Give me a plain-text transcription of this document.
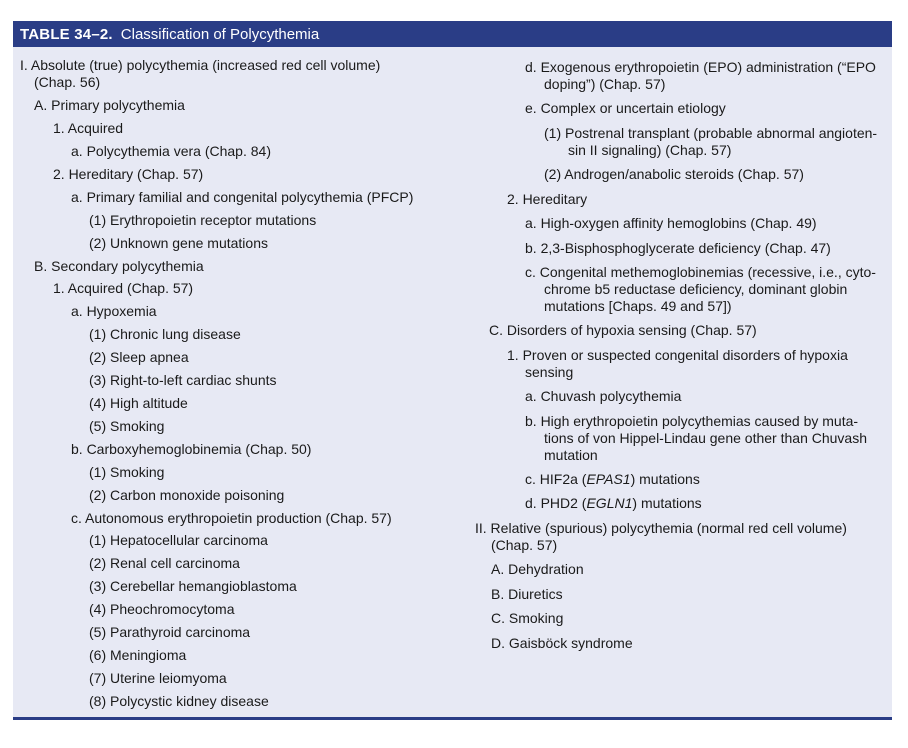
TABLE 34–2. Classification of Polycythemia
I. Absolute (true) polycythemia (increased red cell volume)
(Chap. 56)
A. Primary polycythemia
1. Acquired
a. Polycythemia vera (Chap. 84)
2. Hereditary (Chap. 57)
a. Primary familial and congenital polycythemia (PFCP)
(1) Erythropoietin receptor mutations
(2) Unknown gene mutations
B. Secondary polycythemia
1. Acquired (Chap. 57)
a. Hypoxemia
(1) Chronic lung disease
(2) Sleep apnea
(3) Right-to-left cardiac shunts
(4) High altitude
(5) Smoking
b. Carboxyhemoglobinemia (Chap. 50)
(1) Smoking
(2) Carbon monoxide poisoning
c. Autonomous erythropoietin production (Chap. 57)
(1) Hepatocellular carcinoma
(2) Renal cell carcinoma
(3) Cerebellar hemangioblastoma
(4) Pheochromocytoma
(5) Parathyroid carcinoma
(6) Meningioma
(7) Uterine leiomyoma
(8) Polycystic kidney disease
d. Exogenous erythropoietin (EPO) administration (“EPO
doping”) (Chap. 57)
e. Complex or uncertain etiology
(1) Postrenal transplant (probable abnormal angioten-
sin II signaling) (Chap. 57)
(2) Androgen/anabolic steroids (Chap. 57)
2. Hereditary
a. High-oxygen affinity hemoglobins (Chap. 49)
b. 2,3-Bisphosphoglycerate deficiency (Chap. 47)
c. Congenital methemoglobinemias (recessive, i.e., cyto-
chrome b5 reductase deficiency, dominant globin
mutations [Chaps. 49 and 57])
C. Disorders of hypoxia sensing (Chap. 57)
1. Proven or suspected congenital disorders of hypoxia
sensing
a. Chuvash polycythemia
b. High erythropoietin polycythemias caused by muta-
tions of von Hippel-Lindau gene other than Chuvash
mutation
c. HIF2a (EPAS1) mutations
d. PHD2 (EGLN1) mutations
II. Relative (spurious) polycythemia (normal red cell volume)
(Chap. 57)
A. Dehydration
B. Diuretics
C. Smoking
D. Gaisböck syndrome
